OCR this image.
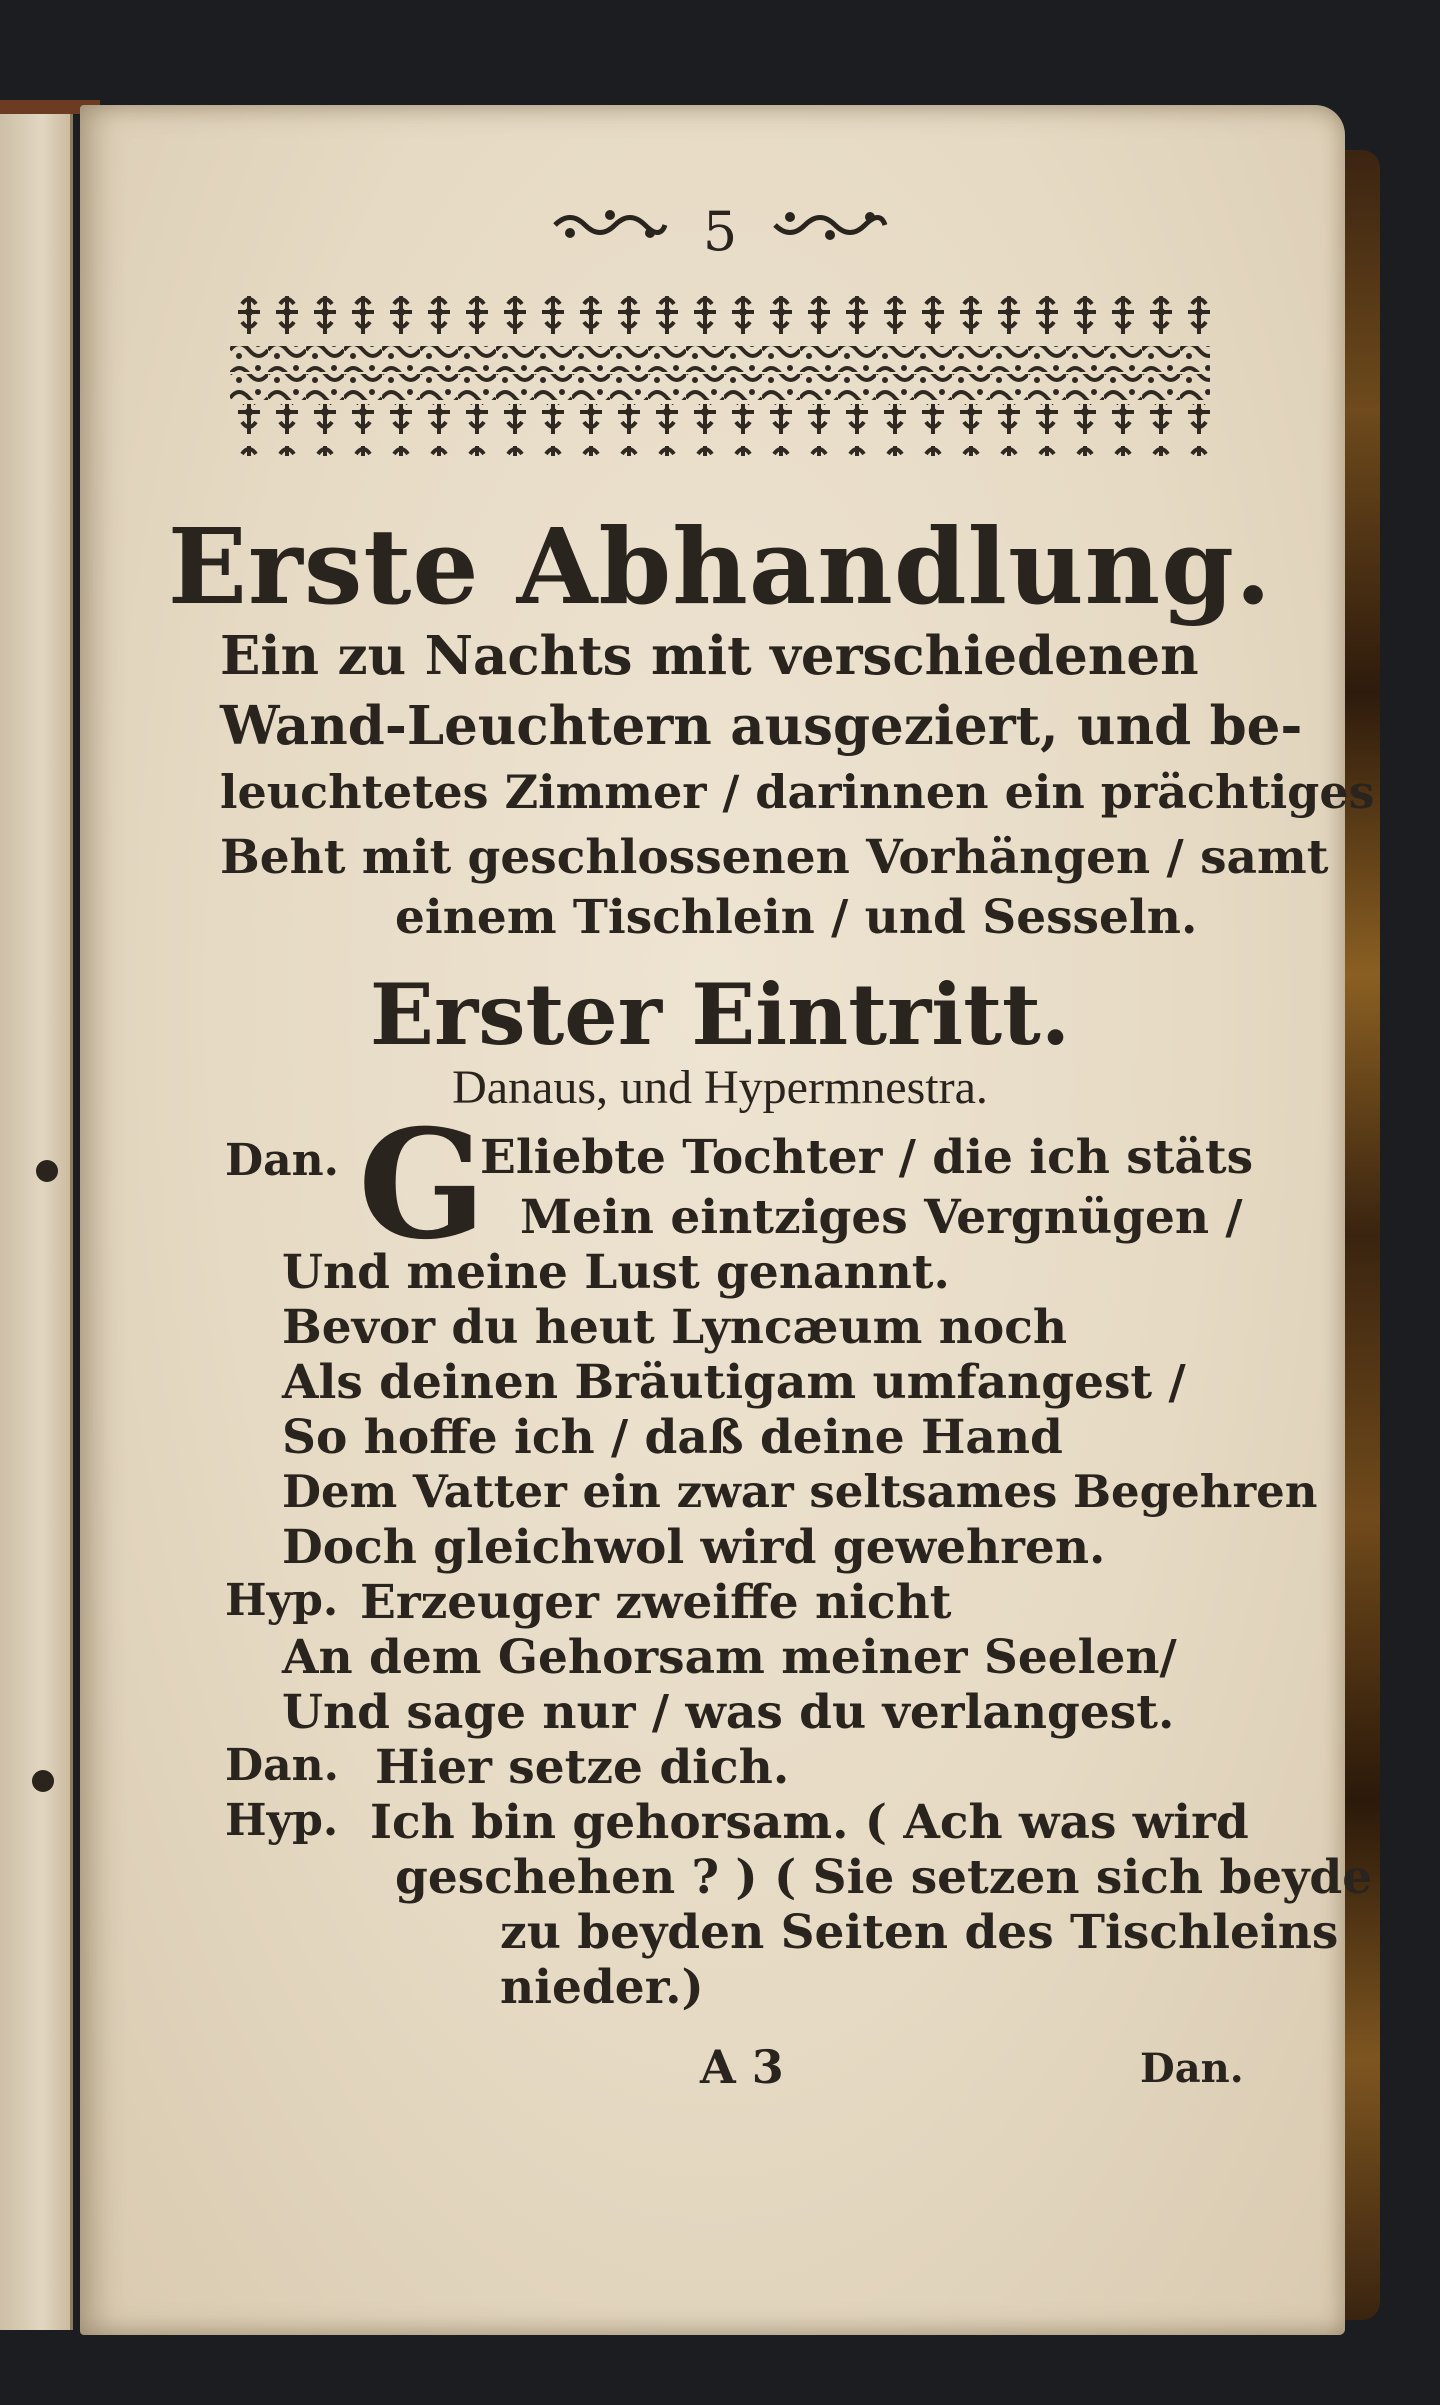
5
Erste Abhandlung.
Ein zu Nachts mit verschiedenen
Wand-Leuchtern ausgeziert, und be-
leuchtetes Zimmer / darinnen ein prächtiges
Beht mit geschlossenen Vorhängen / samt
einem Tischlein / und Sesseln.
Erster Eintritt.
Danaus, und Hypermnestra.
Dan. G
Eliebte Tochter / die ich stäts
Mein eintziges Vergnügen /
Und meine Lust genannt.
Bevor du heut Lyncæum noch
Als deinen Bräutigam umfangest /
So hoffe ich / daß deine Hand
Dem Vatter ein zwar seltsames Begehren
Doch gleichwol wird gewehren.
Hyp. Erzeuger zweiffe nicht
An dem Gehorsam meiner Seelen/
Und sage nur / was du verlangest.
Dan. Hier setze dich.
Hyp. Ich bin gehorsam. ( Ach was wird
geschehen ? ) ( Sie setzen sich beyde
zu beyden Seiten des Tischleins
nieder.)
A 3	Dan.
